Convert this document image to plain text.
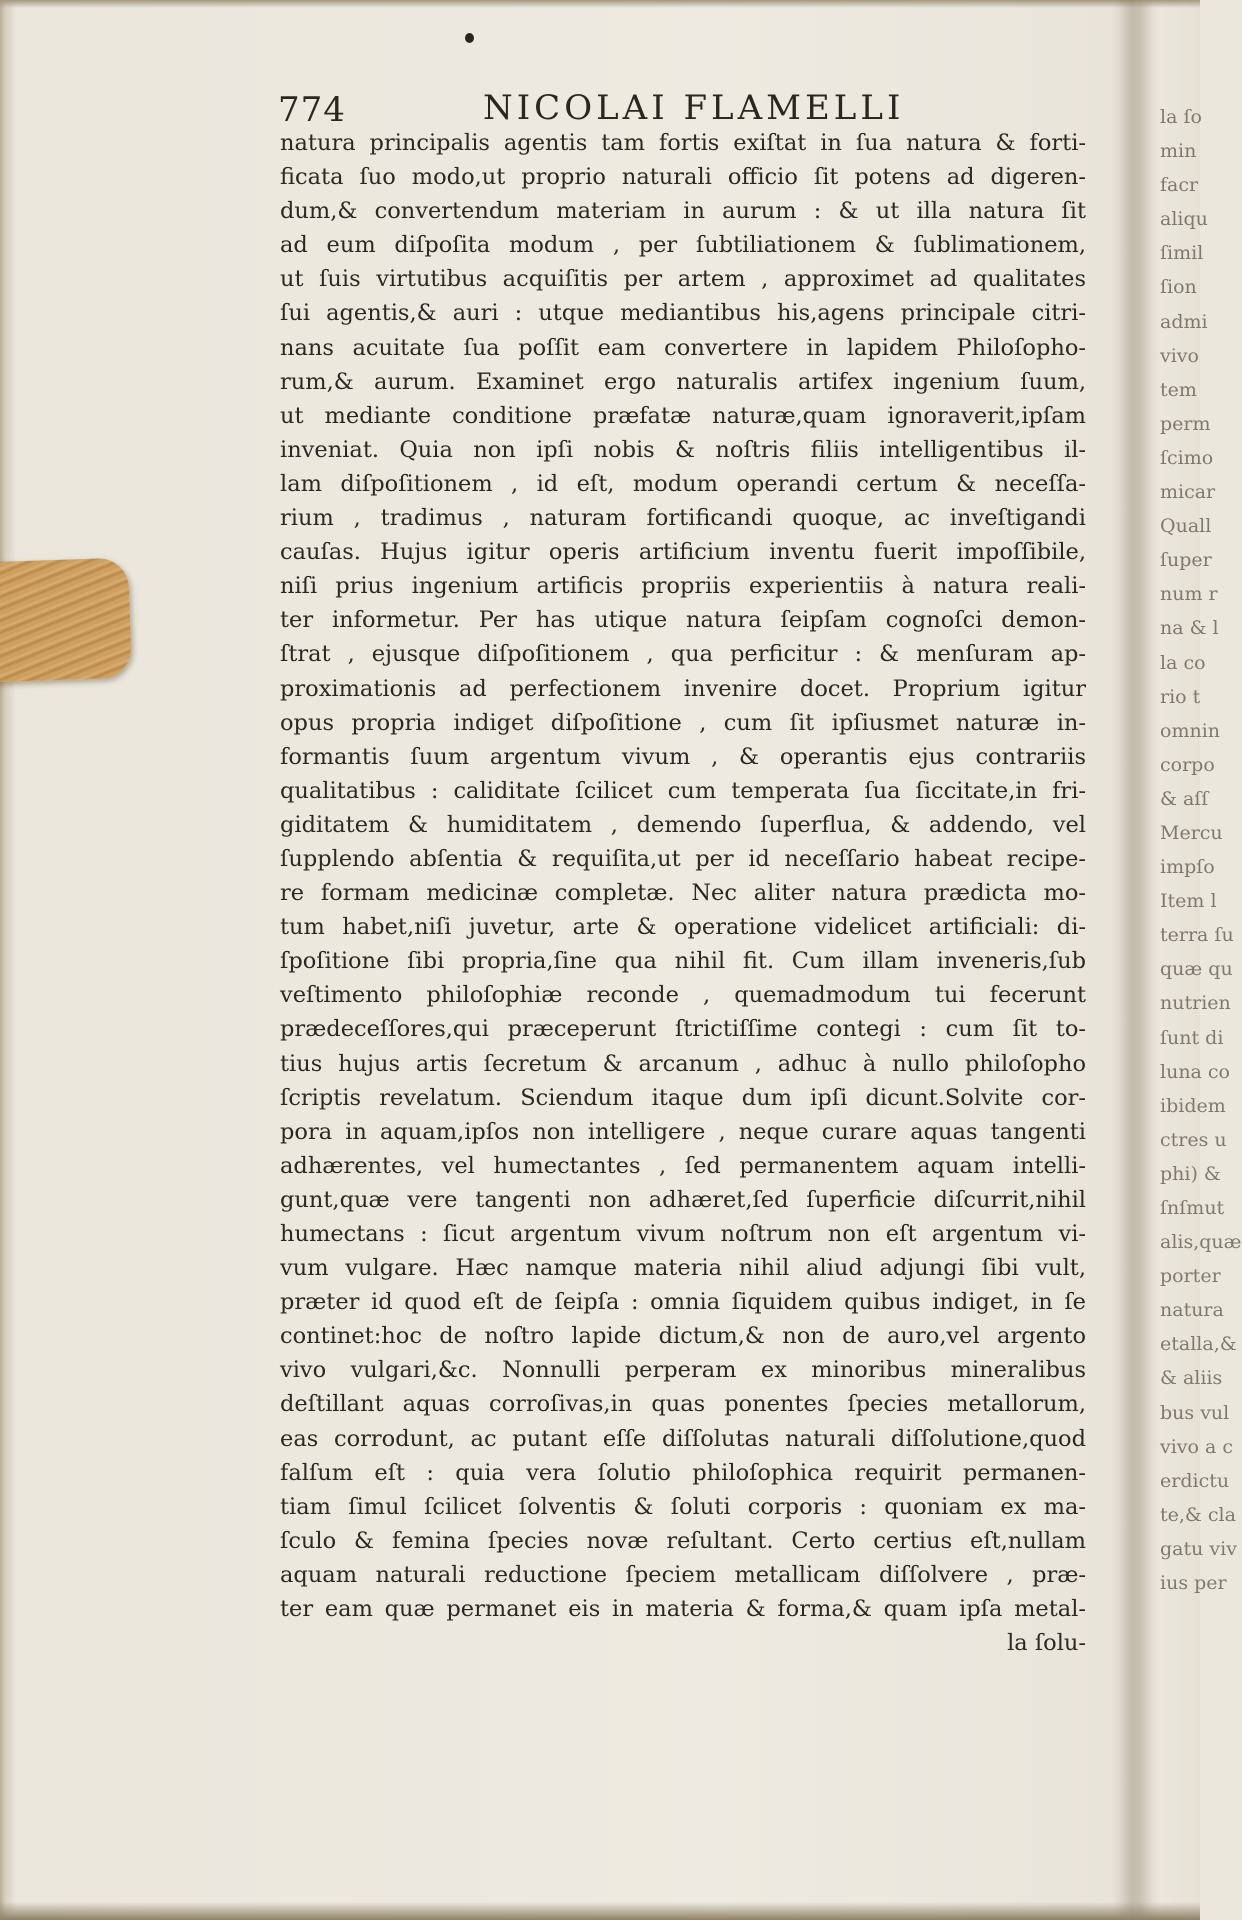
774	NICOLAI FLAMELLI
natura principalis agentis tam fortis exiſtat in ſua natura & forti-
ficata ſuo modo,ut proprio naturali officio ſit potens ad digeren-
dum,& convertendum materiam in aurum : & ut illa natura ſit
ad eum diſpoſita modum , per ſubtiliationem & ſublimationem,
ut ſuis virtutibus acquiſitis per artem , approximet ad qualitates
ſui agentis,& auri : utque mediantibus his,agens principale citri-
nans acuitate ſua poſſit eam convertere in lapidem Philoſopho-
rum,& aurum. Examinet ergo naturalis artifex ingenium ſuum,
ut mediante conditione præfatæ naturæ,quam ignoraverit,ipſam
inveniat. Quia non ipſi nobis & noſtris filiis intelligentibus il-
lam diſpoſitionem , id eſt, modum operandi certum & neceſſa-
rium , tradimus , naturam fortificandi quoque, ac inveſtigandi
cauſas. Hujus igitur operis artificium inventu fuerit impoſſibile,
niſi prius ingenium artificis propriis experientiis à natura reali-
ter informetur. Per has utique natura ſeipſam cognoſci demon-
ſtrat , ejusque diſpoſitionem , qua perficitur : & menſuram ap-
proximationis ad perfectionem invenire docet. Proprium igitur
opus propria indiget diſpoſitione , cum ſit ipſiusmet naturæ in-
formantis ſuum argentum vivum , & operantis ejus contrariis
qualitatibus : caliditate ſcilicet cum temperata ſua ſiccitate,in fri-
giditatem & humiditatem , demendo ſuperflua, & addendo, vel
ſupplendo abſentia & requiſita,ut per id neceſſario habeat recipe-
re formam medicinæ completæ. Nec aliter natura prædicta mo-
tum habet,niſi juvetur, arte & operatione videlicet artificiali: di-
ſpoſitione ſibi propria,ſine qua nihil fit. Cum illam inveneris,ſub
veſtimento philoſophiæ reconde , quemadmodum tui fecerunt
prædeceſſores,qui præceperunt ſtrictiſſime contegi : cum ſit to-
tius hujus artis ſecretum & arcanum , adhuc à nullo philoſopho
ſcriptis revelatum. Sciendum itaque dum ipſi dicunt.Solvite cor-
pora in aquam,ipſos non intelligere , neque curare aquas tangenti
adhærentes, vel humectantes , ſed permanentem aquam intelli-
gunt,quæ vere tangenti non adhæret,ſed ſuperficie diſcurrit,nihil
humectans : ſicut argentum vivum noſtrum non eſt argentum vi-
vum vulgare. Hæc namque materia nihil aliud adjungi ſibi vult,
præter id quod eſt de ſeipſa : omnia ſiquidem quibus indiget, in ſe
continet:hoc de noſtro lapide dictum,& non de auro,vel argento
vivo vulgari,&c. Nonnulli perperam ex minoribus mineralibus
deſtillant aquas corroſivas,in quas ponentes ſpecies metallorum,
eas corrodunt, ac putant eſſe diſſolutas naturali diſſolutione,quod
falſum eſt : quia vera ſolutio philoſophica requirit permanen-
tiam ſimul ſcilicet ſolventis & ſoluti corporis : quoniam ex ma-
ſculo & femina ſpecies novæ reſultant. Certo certius eſt,nullam
aquam naturali reductione ſpeciem metallicam diſſolvere , præ-
ter eam quæ permanet eis in materia & forma,& quam ipſa metal-
la ſolu-
la ſo
min
facr
aliqu
ſimil
ſion
admi
vivo
tem
perm
ſcimo
micar
Quall
ſuper
num r
na & l
la co
rio t
omnin
corpo
& aſſ
Mercu
impſo
Item l
terra ſu
quæ qu
nutrien
ſunt di
luna co
ibidem
ctres u
phi) &
ſnſmut
alis,quæ
porter
natura
etalla,&
& aliis
bus vul
vivo a c
erdictu
te,& cla
gatu viv
ius per
